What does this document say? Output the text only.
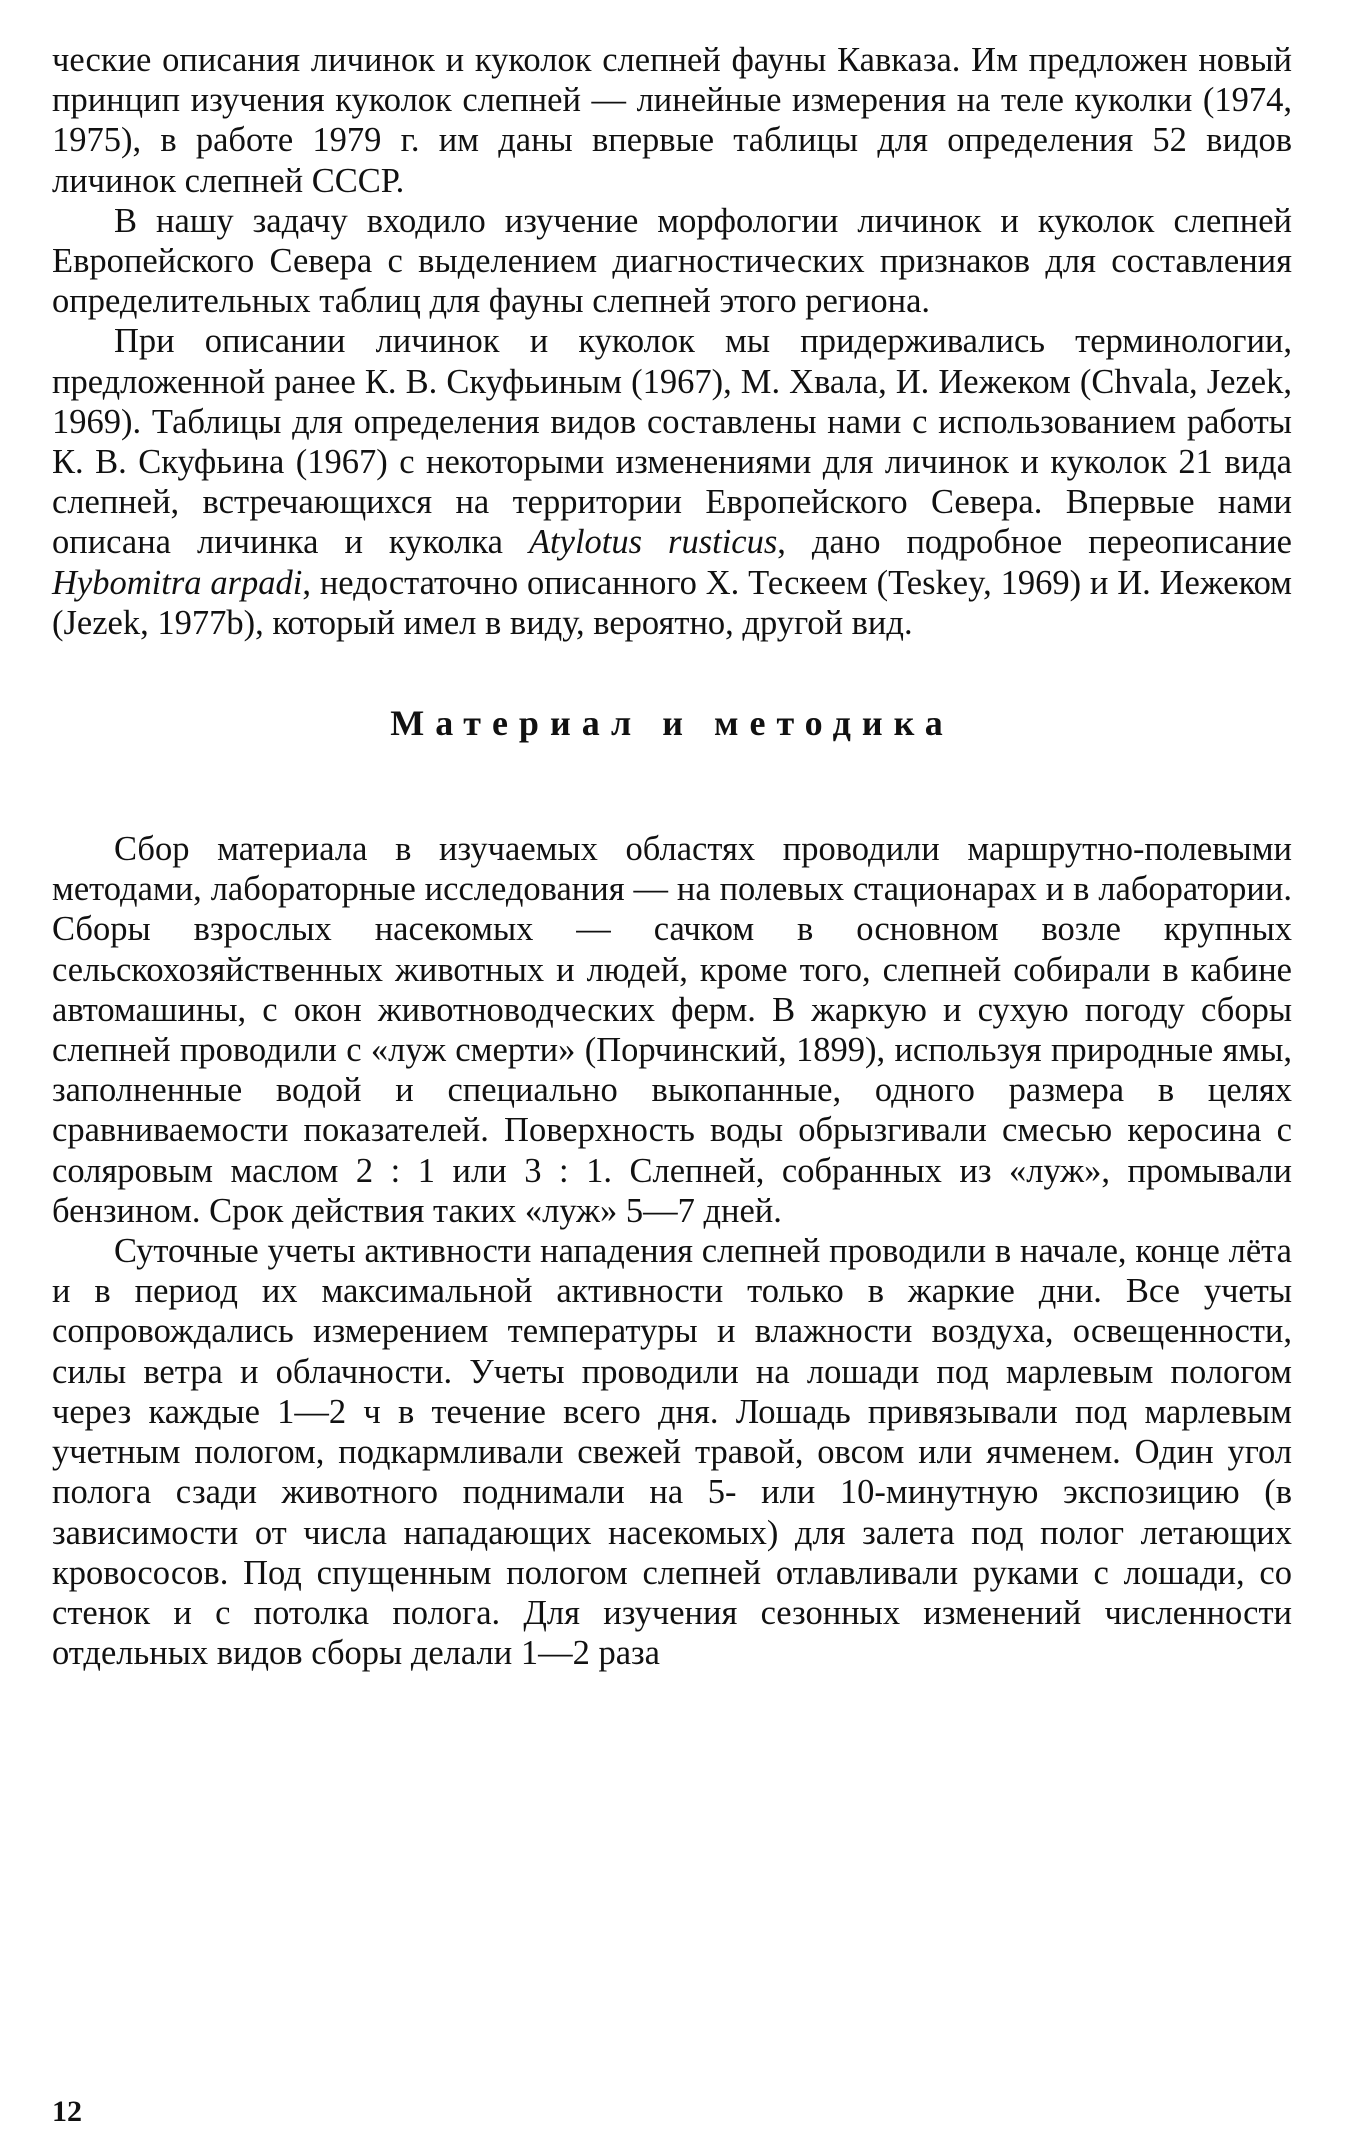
ческие описания личинок и куколок слепней фауны Кавказа. Им предложен новый принцип изучения куколок слепней — линейные измерения на теле куколки (1974, 1975), в работе 1979 г. им даны впервые таблицы для определения 52 видов личинок слепней СССР.

В нашу задачу входило изучение морфологии личинок и куколок слепней Европейского Севера с выделением диагностических признаков для составления определительных таблиц для фауны слепней этого региона.

При описании личинок и куколок мы придерживались терминологии, предложенной ранее К. В. Скуфьиным (1967), М. Хвала, И. Иежеком (Chvala, Jezek, 1969). Таблицы для определения видов составлены нами с использованием работы К. В. Скуфьина (1967) с некоторыми изменениями для личинок и куколок 21 вида слепней, встречающихся на территории Европейского Севера. Впервые нами описана личинка и куколка Atylotus rusticus, дано подробное переописание Hybomitra arpadi, недостаточно описанного Х. Тескеем (Teskey, 1969) и И. Иежеком (Jezek, 1977b), который имел в виду, вероятно, другой вид.

Материал и методика

Сбор материала в изучаемых областях проводили маршрутно-полевыми методами, лабораторные исследования — на полевых стационарах и в лаборатории. Сборы взрослых насекомых — сачком в основном возле крупных сельскохозяйственных животных и людей, кроме того, слепней собирали в кабине автомашины, с окон животноводческих ферм. В жаркую и сухую погоду сборы слепней проводили с «луж смерти» (Порчинский, 1899), используя природные ямы, заполненные водой и специально выкопанные, одного размера в целях сравниваемости показателей. Поверхность воды обрызгивали смесью керосина с соляровым маслом 2 : 1 или 3 : 1. Слепней, собранных из «луж», промывали бензином. Срок действия таких «луж» 5—7 дней.

Суточные учеты активности нападения слепней проводили в начале, конце лёта и в период их максимальной активности только в жаркие дни. Все учеты сопровождались измерением температуры и влажности воздуха, освещенности, силы ветра и облачности. Учеты проводили на лошади под марлевым пологом через каждые 1—2 ч в течение всего дня. Лошадь привязывали под марлевым учетным пологом, подкармливали свежей травой, овсом или ячменем. Один угол полога сзади животного поднимали на 5- или 10-минутную экспозицию (в зависимости от числа нападающих насекомых) для залета под полог летающих кровососов. Под спущенным пологом слепней отлавливали руками с лошади, со стенок и с потолка полога. Для изучения сезонных изменений численности отдельных видов сборы делали 1—2 раза

12
